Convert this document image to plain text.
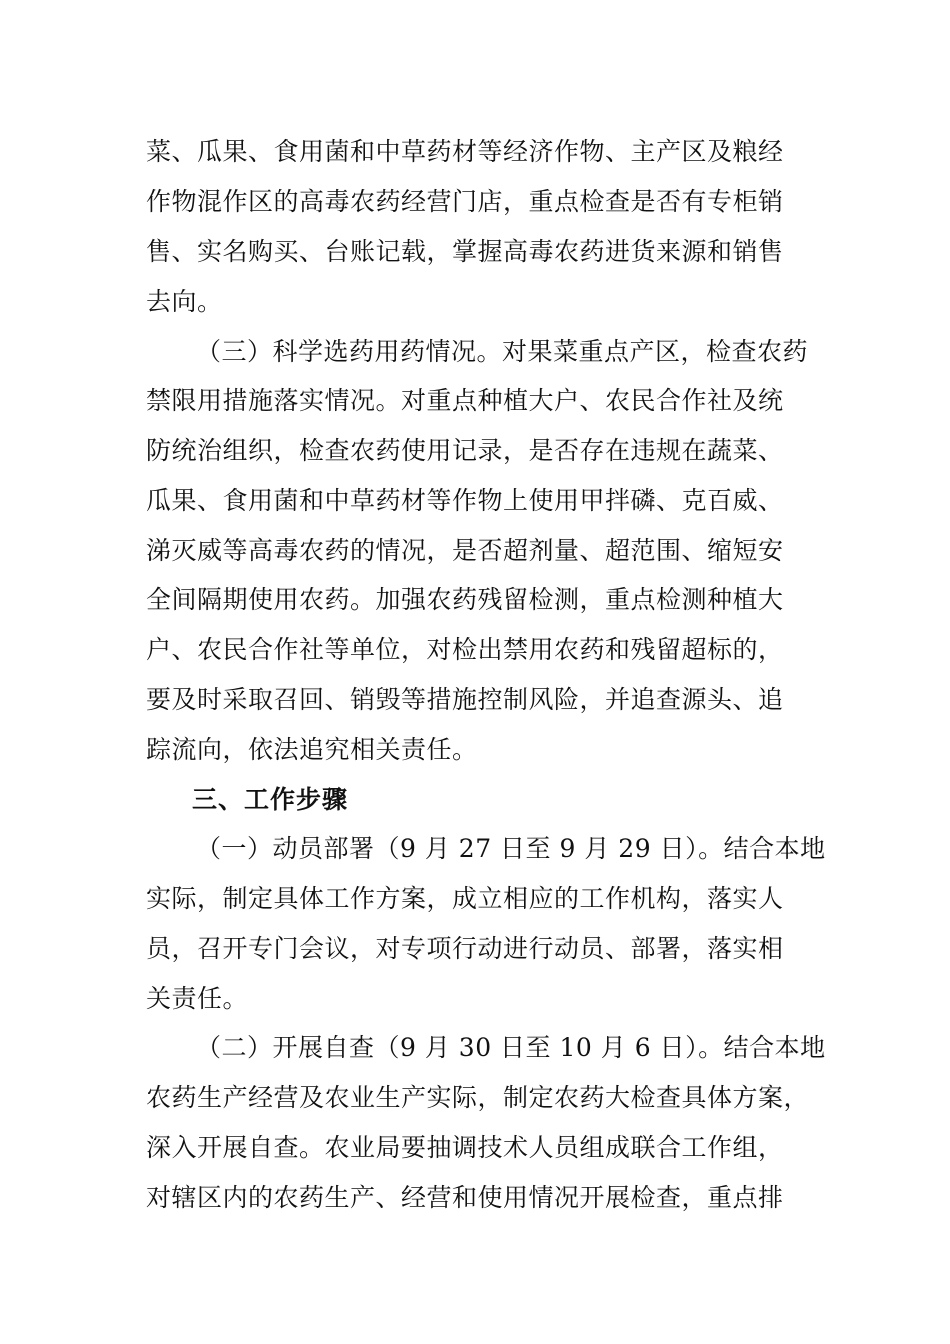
菜、瓜果、食用菌和中草药材等经济作物、主产区及粮经
作物混作区的高毒农药经营门店，重点检查是否有专柜销
售、实名购买、台账记载，掌握高毒农药进货来源和销售
去向。
（三）科学选药用药情况。对果菜重点产区，检查农药
禁限用措施落实情况。对重点种植大户、农民合作社及统
防统治组织，检查农药使用记录，是否存在违规在蔬菜、
瓜果、食用菌和中草药材等作物上使用甲拌磷、克百威、
涕灭威等高毒农药的情况，是否超剂量、超范围、缩短安
全间隔期使用农药。加强农药残留检测，重点检测种植大
户、农民合作社等单位，对检出禁用农药和残留超标的，
要及时采取召回、销毁等措施控制风险，并追查源头、追
踪流向，依法追究相关责任。
三、工作步骤
（一）动员部署（9 月 27 日至 9 月 29 日）。结合本地
实际，制定具体工作方案，成立相应的工作机构，落实人
员，召开专门会议，对专项行动进行动员、部署，落实相
关责任。
（二）开展自查（9 月 30 日至 10 月 6 日）。结合本地
农药生产经营及农业生产实际，制定农药大检查具体方案，
深入开展自查。农业局要抽调技术人员组成联合工作组，
对辖区内的农药生产、经营和使用情况开展检查，重点排
